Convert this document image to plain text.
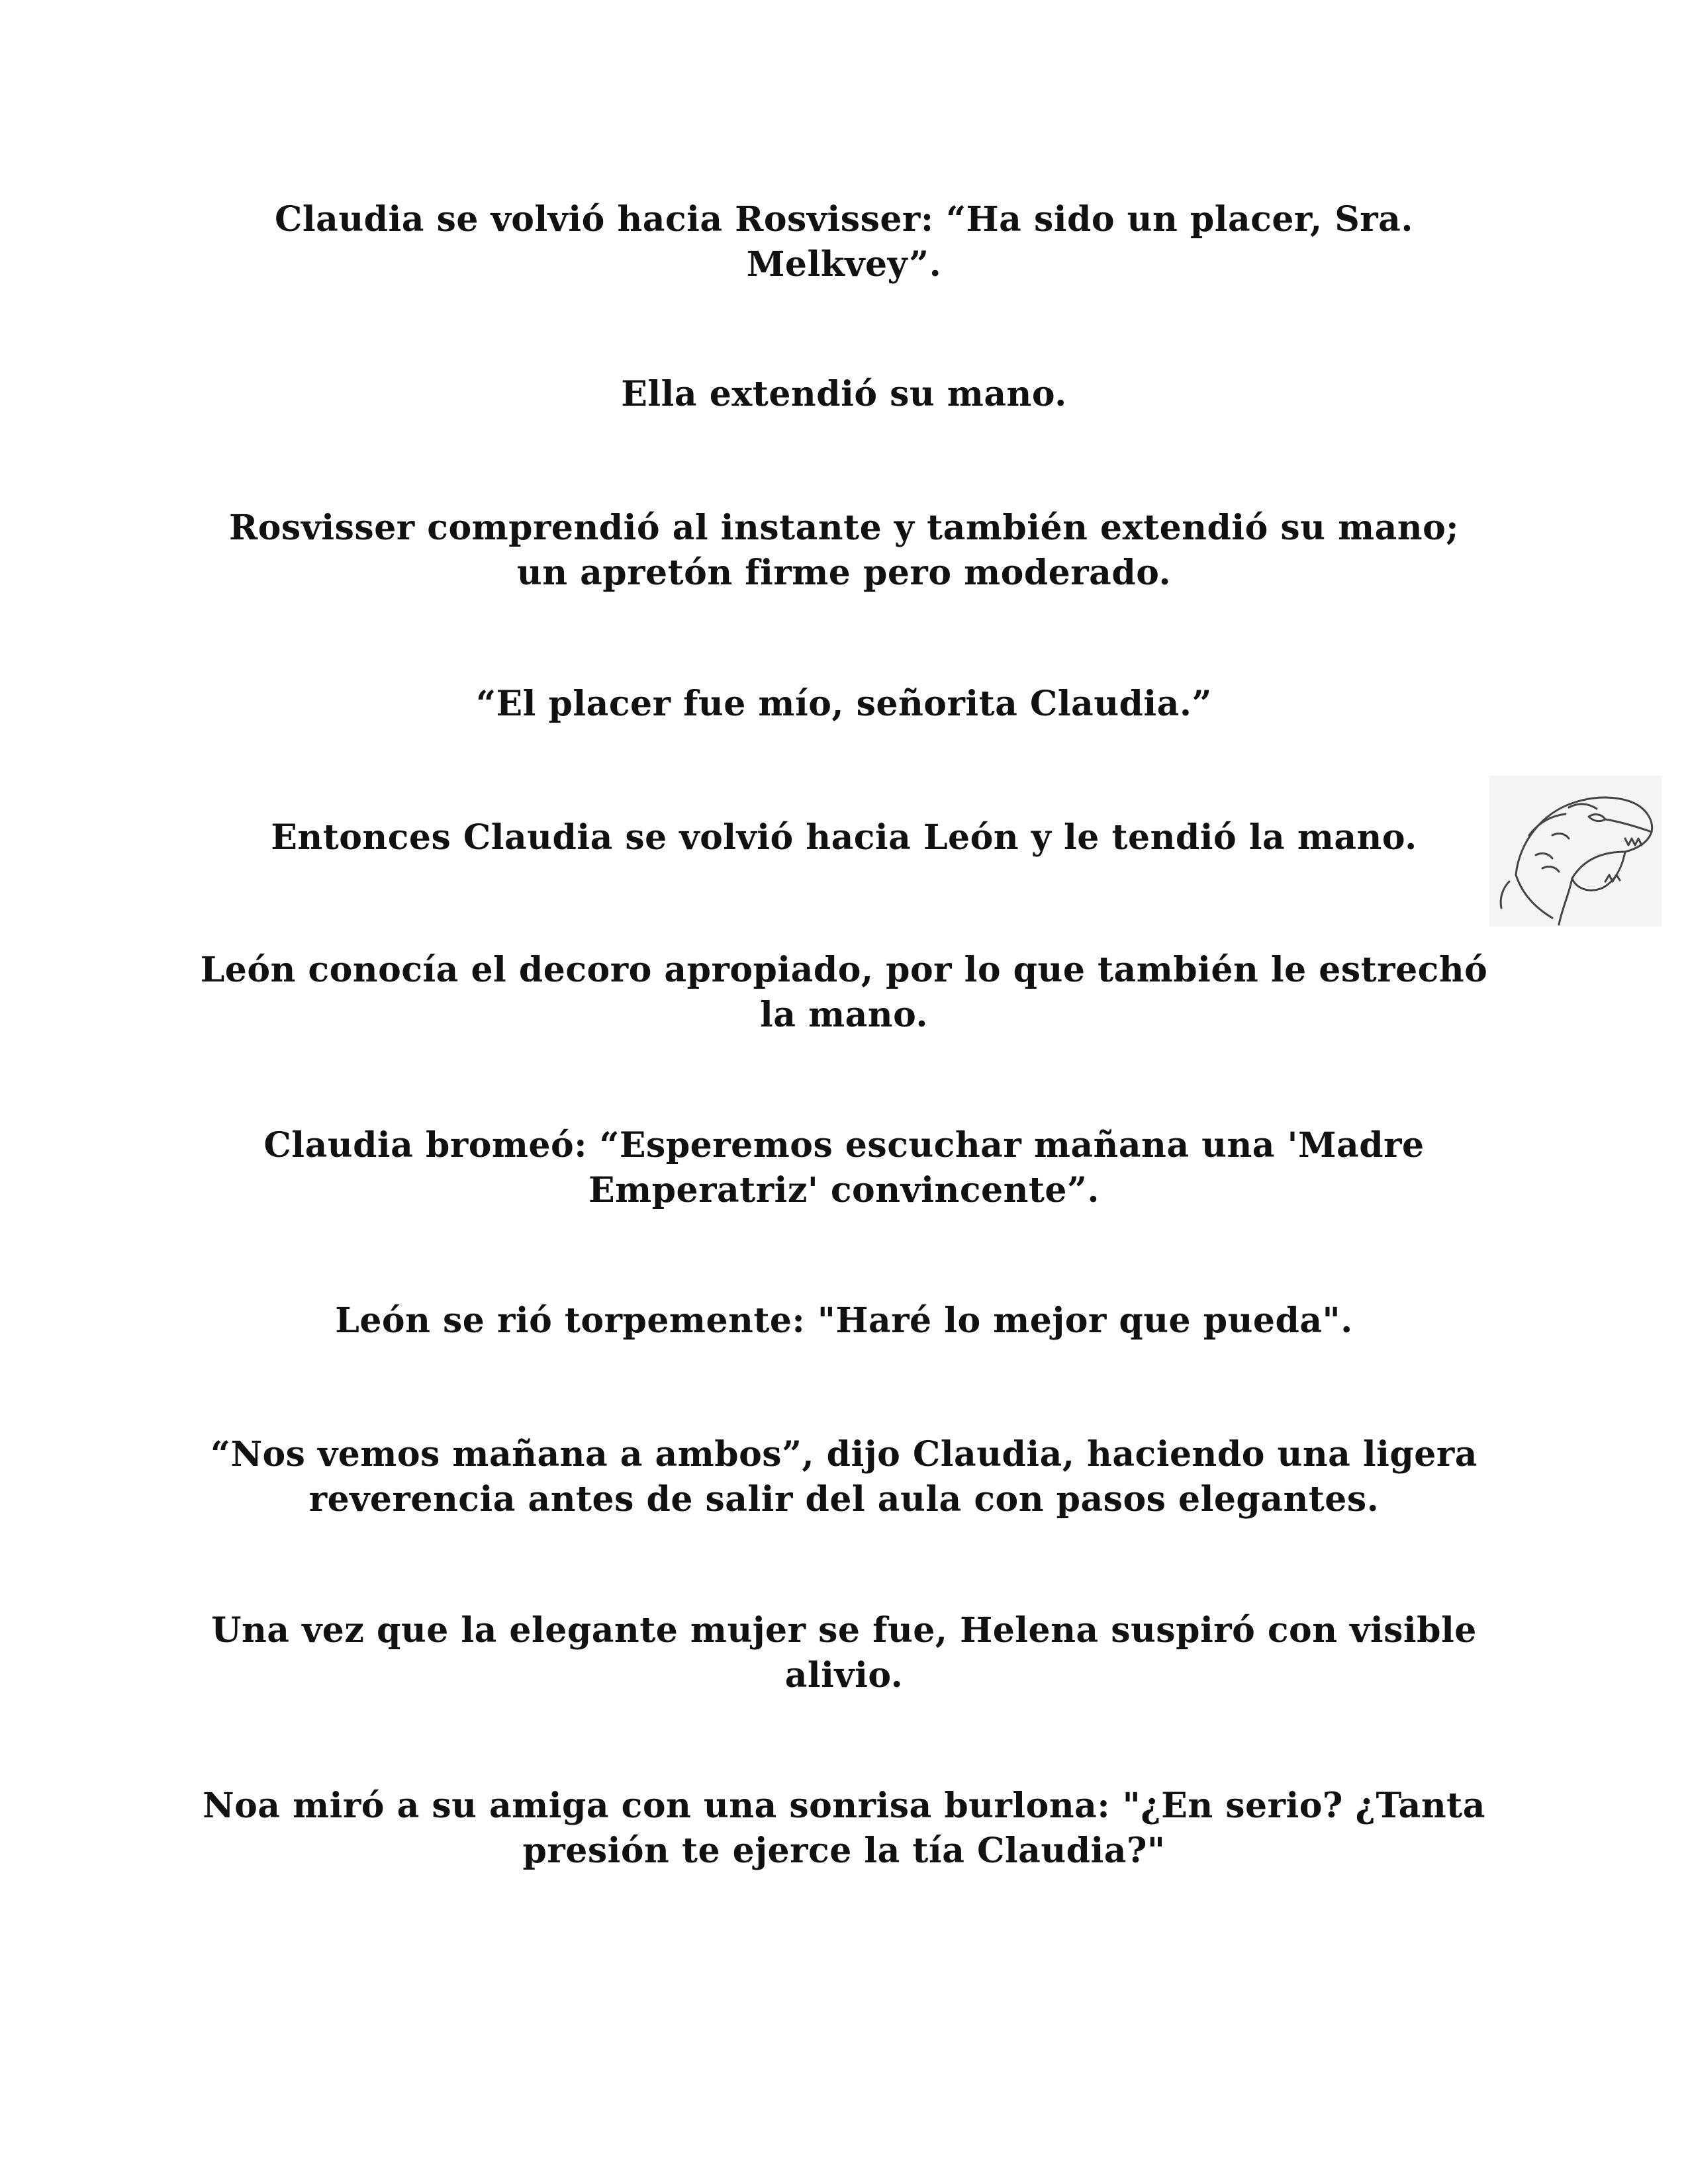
Claudia se volvió hacia Rosvisser: “Ha sido un placer, Sra. Melkvey”.
Ella extendió su mano.
Rosvisser comprendió al instante y también extendió su mano; un apretón firme pero moderado.
“El placer fue mío, señorita Claudia.”
Entonces Claudia se volvió hacia León y le tendió la mano.
León conocía el decoro apropiado, por lo que también le estrechó la mano.
Claudia bromeó: “Esperemos escuchar mañana una 'Madre Emperatriz' convincente”.
León se rió torpemente: "Haré lo mejor que pueda".
“Nos vemos mañana a ambos”, dijo Claudia, haciendo una ligera reverencia antes de salir del aula con pasos elegantes.
Una vez que la elegante mujer se fue, Helena suspiró con visible alivio.
Noa miró a su amiga con una sonrisa burlona: "¿En serio? ¿Tanta presión te ejerce la tía Claudia?"
